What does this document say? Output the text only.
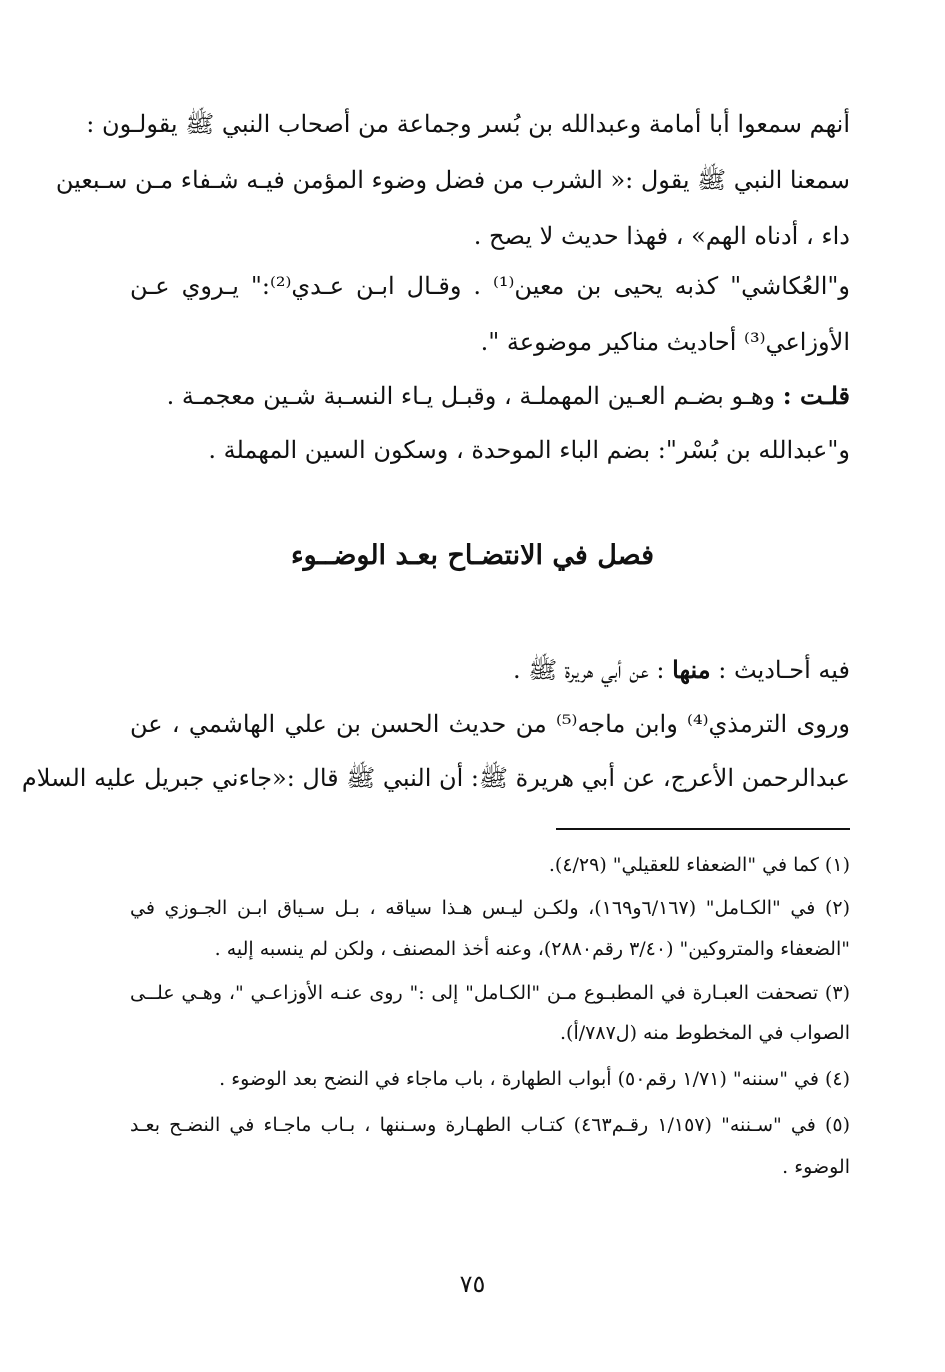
أنهم سمعوا أبا أمامة وعبدالله بن بُسر وجماعة من أصحاب النبي ﷺ يقولـون :
سمعنا النبي ﷺ يقول :« الشرب من فضل وضوء المؤمن فيـه شـفاء مـن سـبعين
داء ، أدناه الهم» ، فهذا حديث لا يصح .
و"العُكاشي" كذبه يحيى بن معين⁽¹⁾ . وقـال ابـن عـدي⁽²⁾:" يـروي عـن
الأوزاعي⁽³⁾ أحاديث مناكير موضوعة ".
قلـت : وهـو بضـم العـين المهملـة ، وقبـل يـاء النسـبة شـين معجمـة .
و"عبدالله بن بُسْر": بضم الباء الموحدة ، وسكون السين المهملة .
فصل في الانتضـاح بعـد الوضــوء
فيه أحـاديث : منها : عن أبي هريرة ﷺ .
وروى الترمذي⁽⁴⁾ وابن ماجه⁽⁵⁾ من حديث الحسن بن علي الهاشمي ، عن
عبدالرحمن الأعرج، عن أبي هريرة ﷺ: أن النبي ﷺ قال :«جاءني جبريل عليه السلام
(١) كما في "الضعفاء للعقيلي" (٤/٢٩).
(٢) في "الكـامل" (٦/١٦٧و١٦٩)، ولكـن ليـس هـذا سياقه ، بـل سـياق ابـن الجـوزي في
"الضعفاء والمتروكين" (٣/٤٠ رقم٢٨٨٠)، وعنه أخذ المصنف ، ولكن لم ينسبه إليه .
(٣) تصحفت العبـارة في المطبـوع مـن "الكـامل" إلى :" روى عنـه الأوزاعـي "، وهـي علــى
الصواب في المخطوط منه (ل٧٨٧/أ).
(٤) في "سننه" (١/٧١ رقم٥٠) أبواب الطهارة ، باب ماجاء في النضح بعد الوضوء .
(٥) في "سـننه" (١/١٥٧ رقـم٤٦٣) كتـاب الطهـارة وسـننها ، بـاب ماجـاء في النضـح بعـد
الوضوء .
٧٥
